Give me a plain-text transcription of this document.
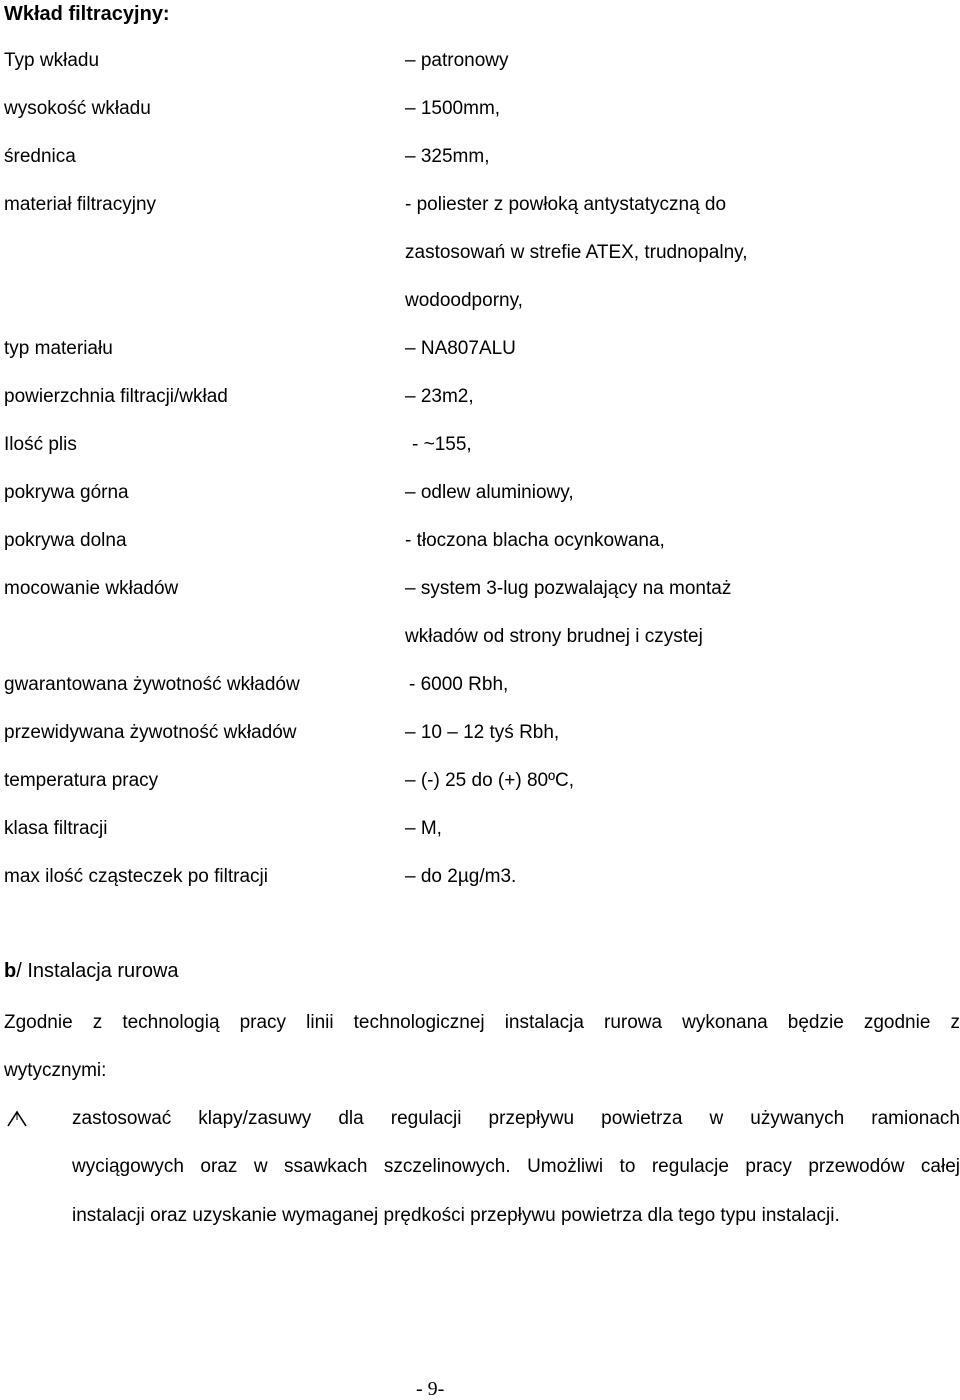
Wkład filtracyjny:
Typ wkładu
wysokość wkładu
średnica
materiał filtracyjny
typ materiału
powierzchnia filtracji/wkład
Ilość plis
pokrywa górna
pokrywa dolna
mocowanie wkładów
gwarantowana żywotność wkładów
przewidywana żywotność wkładów
temperatura pracy
klasa filtracji
max ilość cząsteczek po filtracji
– patronowy
– 1500mm,
– 325mm,
- poliester z powłoką antystatyczną do
zastosowań w strefie ATEX, trudnopalny,
wodoodporny,
– NA807ALU
– 23m2,
- ~155,
– odlew aluminiowy,
- tłoczona blacha ocynkowana,
– system 3-lug pozwalający na montaż
wkładów od strony brudnej i czystej
- 6000 Rbh,
– 10 – 12 tyś Rbh,
– (-) 25 do (+) 80ºC,
– M,
– do 2µg/m3.
b/ Instalacja rurowa
Zgodnie z technologią pracy linii technologicznej instalacja rurowa wykonana będzie zgodnie z
wytycznymi:
zastosować klapy/zasuwy dla regulacji przepływu powietrza w używanych ramionach
wyciągowych oraz w ssawkach szczelinowych. Umożliwi to regulacje pracy przewodów całej
instalacji oraz uzyskanie wymaganej prędkości przepływu powietrza dla tego typu instalacji.
- 9-
